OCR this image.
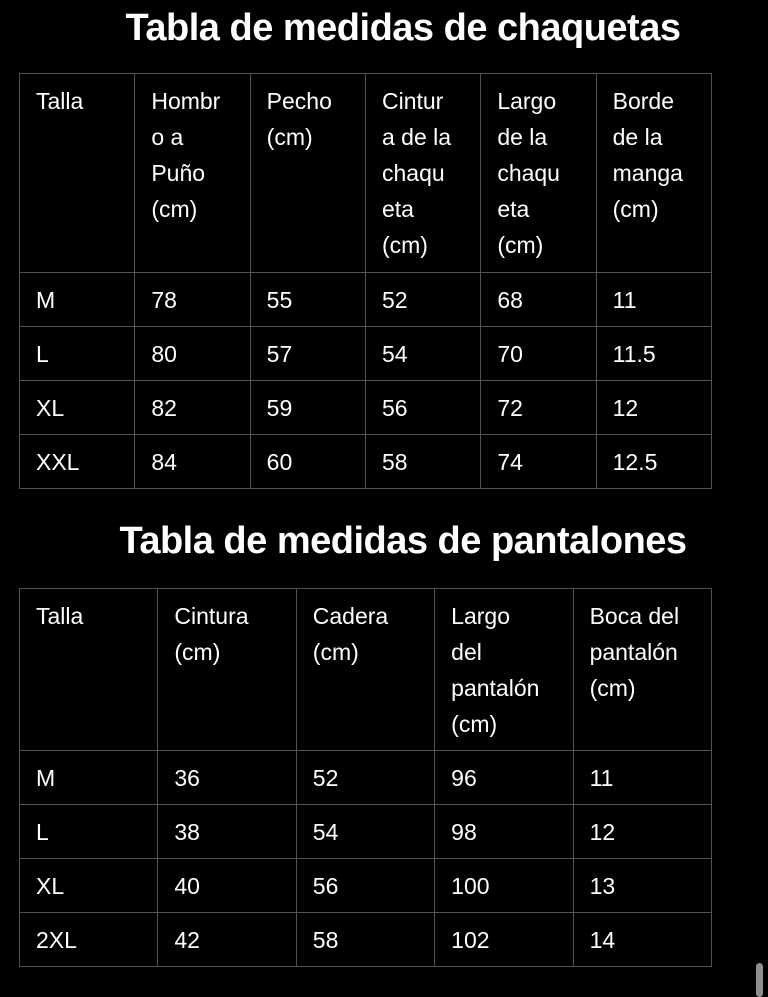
Tabla de medidas de chaquetas
Talla	Hombro a Puño (cm)	Pecho (cm)	Cintura de la chaqueta (cm)	Largo de la chaqueta (cm)	Borde de la manga (cm)
M	78	55	52	68	11
L	80	57	54	70	11.5
XL	82	59	56	72	12
XXL	84	60	58	74	12.5
Tabla de medidas de pantalones
Talla	Cintura (cm)	Cadera (cm)	Largo del pantalón (cm)	Boca del pantalón (cm)
M	36	52	96	11
L	38	54	98	12
XL	40	56	100	13
2XL	42	58	102	14
